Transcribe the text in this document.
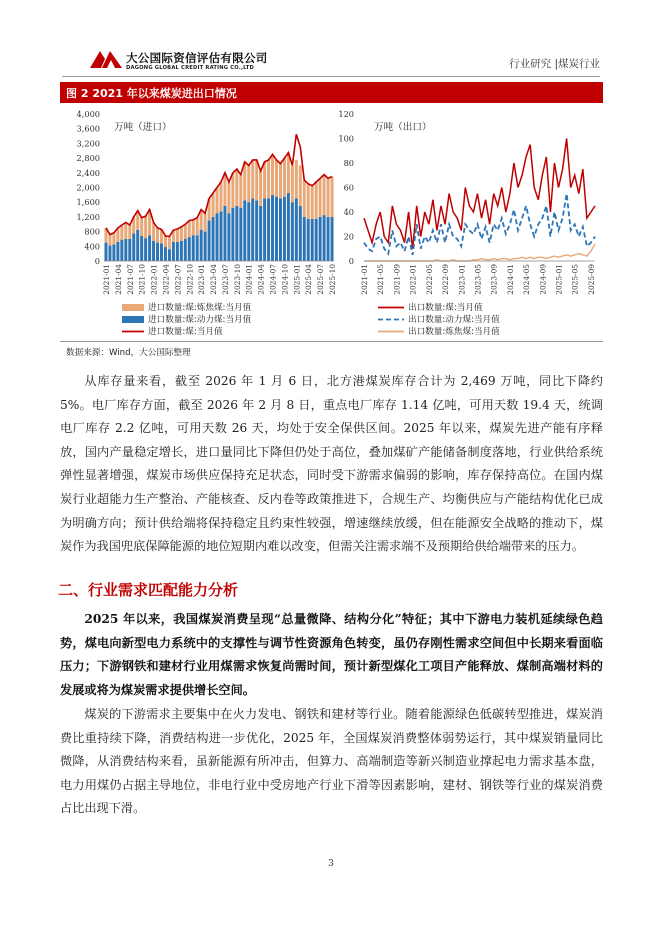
大公国际资信评估有限公司
DAGONG GLOBAL CREDIT RATING CO.,LTD	行业研究 |煤炭行业
图 2 2021 年以来煤炭进出口情况
0
400
800
1,200
1,600
2,000
2,400
2,800
3,200
3,600
4,000
万吨（进口）
2021-01 2021-04 2021-07 2021-10 2022-01 2022-04 2022-07 2022-10 2023-01 2023-04 2023-07 2023-10 2024-01 2024-04 2024-07 2024-10 2025-01 2025-04 2025-07 2025-10
0
20
40
60
80
100
120
万吨（出口）
2021-01 2021-05 2021-09 2022-01 2022-05 2022-09 2023-01 2023-05 2023-09 2024-01 2024-05 2024-09 2025-01 2025-05 2025-09
进口数量:煤:炼焦煤:当月值
进口数量:煤:动力煤:当月值
进口数量:煤:当月值
出口数量:煤:当月值
出口数量:动力煤:当月值
出口数量:炼焦煤:当月值
数据来源：Wind，大公国际整理

从库存量来看，截至 2026 年 1 月 6 日，北方港煤炭库存合计为 2,469 万吨，同比下降约 5%。电厂库存方面，截至 2026 年 2 月 8 日，重点电厂库存 1.14 亿吨，可用天数 19.4 天，统调电厂库存 2.2 亿吨，可用天数 26 天，均处于安全保供区间。2025 年以来，煤炭先进产能有序释放，国内产量稳定增长，进口量同比下降但仍处于高位，叠加煤矿产能储备制度落地，行业供给系统弹性显著增强，煤炭市场供应保持充足状态，同时受下游需求偏弱的影响，库存保持高位。在国内煤炭行业超能力生产整治、产能核查、反内卷等政策推进下，合规生产、均衡供应与产能结构优化已成为明确方向；预计供给端将保持稳定且约束性较强，增速继续放缓，但在能源安全战略的推动下，煤炭作为我国兜底保障能源的地位短期内难以改变，但需关注需求端不及预期给供给端带来的压力。

二、行业需求匹配能力分析

2025 年以来，我国煤炭消费呈现“总量微降、结构分化”特征；其中下游电力装机延续绿色趋势，煤电向新型电力系统中的支撑性与调节性资源角色转变，虽仍存刚性需求空间但中长期来看面临压力；下游钢铁和建材行业用煤需求恢复尚需时间，预计新型煤化工项目产能释放、煤制高端材料的发展或将为煤炭需求提供增长空间。

煤炭的下游需求主要集中在火力发电、钢铁和建材等行业。随着能源绿色低碳转型推进，煤炭消费比重持续下降，消费结构进一步优化，2025 年，全国煤炭消费整体弱势运行，其中煤炭销量同比微降，从消费结构来看，虽新能源有所冲击，但算力、高端制造等新兴制造业撑起电力需求基本盘，电力用煤仍占据主导地位，非电行业中受房地产行业下滑等因素影响，建材、钢铁等行业的煤炭消费占比出现下滑。

3
